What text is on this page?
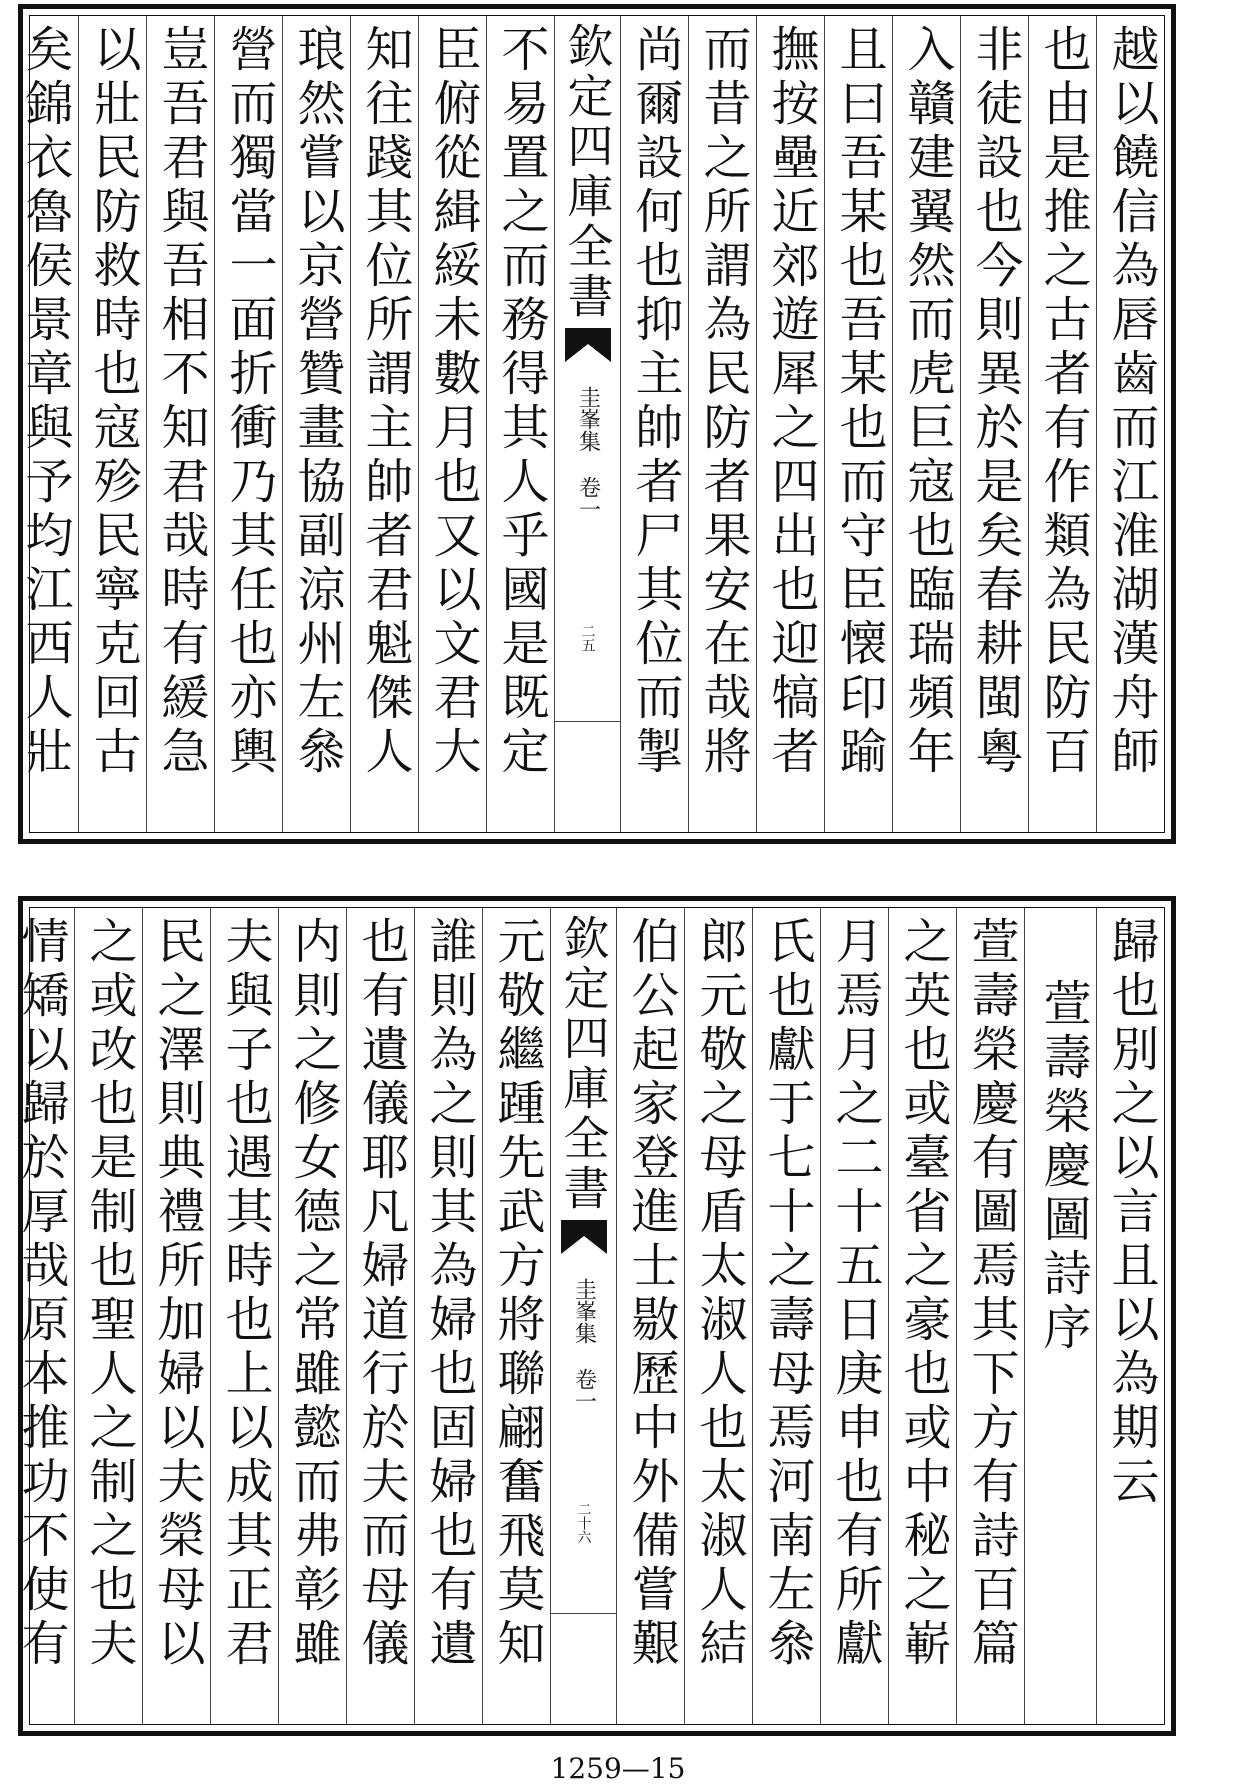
越以饒信為唇齒而江淮湖漢舟師
也由是推之古者有作類為民防百
非徒設也今則異於是矣春耕閩粵
入贛建翼然而虎巨寇也臨瑞頻年
且曰吾某也吾某也而守臣懐印踰
撫按壘近郊遊犀之四出也迎犒者
而昔之所謂為民防者果安在哉將
尚爾設何也抑主帥者尸其位而掣
欽定四庫全書
圭峯集
卷一
二五
不易置之而務得其人乎國是既定
臣俯從緝綏未數月也又以文君大
知往踐其位所謂主帥者君魁傑人
琅然嘗以京營贊畫協副涼州左叅
營而獨當一面折衝乃其任也亦輿
豈吾君與吾相不知君哉時有緩急
以壯民防救時也寇殄民寧克回古
矣錦衣魯侯景章與予均江西人壯
歸也別之以言且以為期云
萱壽榮慶圖詩序
萱壽榮慶有圖焉其下方有詩百篇
之英也或臺省之豪也或中秘之嶄
月焉月之二十五日庚申也有所獻
氏也獻于七十之壽母焉河南左叅
郎元敬之母盾太淑人也太淑人結
伯公起家登進士敭歷中外備嘗艱
欽定四庫全書
圭峯集
卷一
二十六
元敬繼踵先武方將聯翩奮飛莫知
誰則為之則其為婦也固婦也有遺
也有遺儀耶凡婦道行於夫而母儀
内則之修女德之常雖懿而弗彰雖
夫與子也遇其時也上以成其正君
民之澤則典禮所加婦以夫榮母以
之或改也是制也聖人之制之也夫
情矯以歸於厚哉原本推功不使有
1259—15
